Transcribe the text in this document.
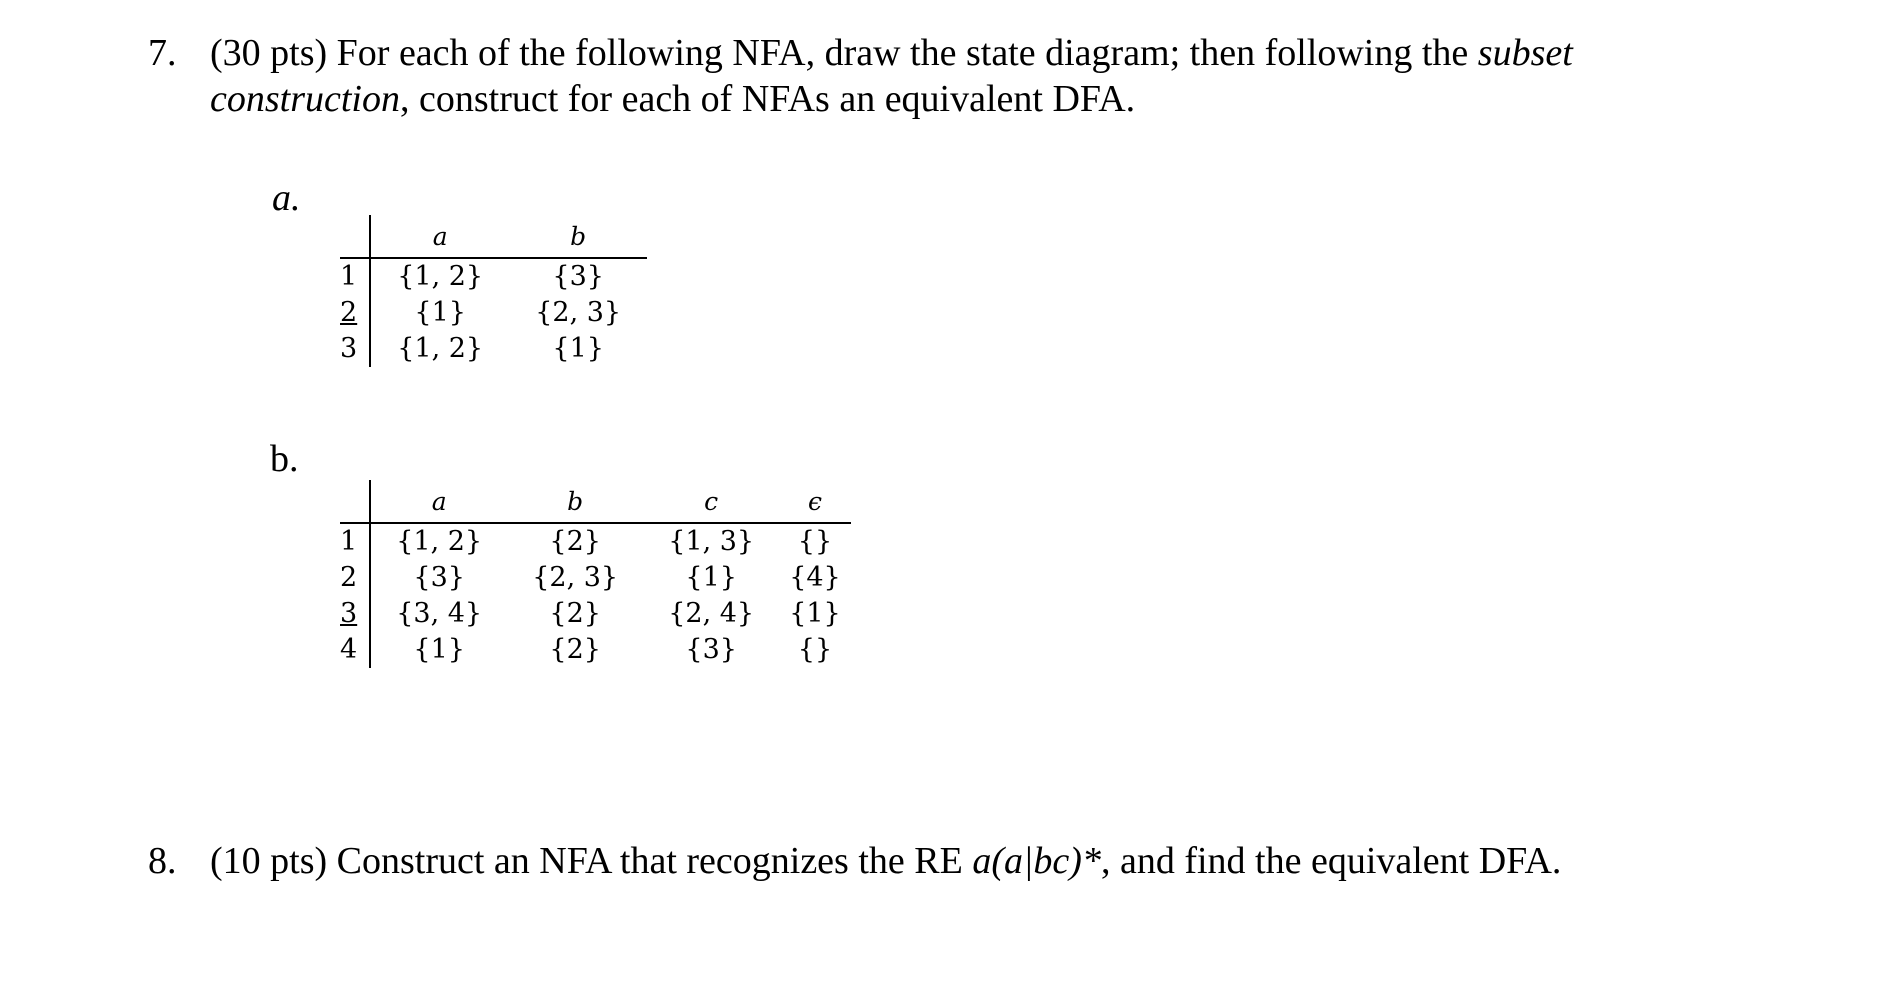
7. (30 pts) For each of the following NFA, draw the state diagram; then following the subset
construction, construct for each of NFAs an equivalent DFA.
a.
	a	b
1	{1, 2}	{3}
2	{1}	{2, 3}
3	{1, 2}	{1}
b.
	a	b	c	ϵ
1	{1, 2}	{2}	{1, 3}	{}
2	{3}	{2, 3}	{1}	{4}
3	{3, 4}	{2}	{2, 4}	{1}
4	{1}	{2}	{3}	{}
8. (10 pts) Construct an NFA that recognizes the RE a(a|bc)*, and find the equivalent DFA.
